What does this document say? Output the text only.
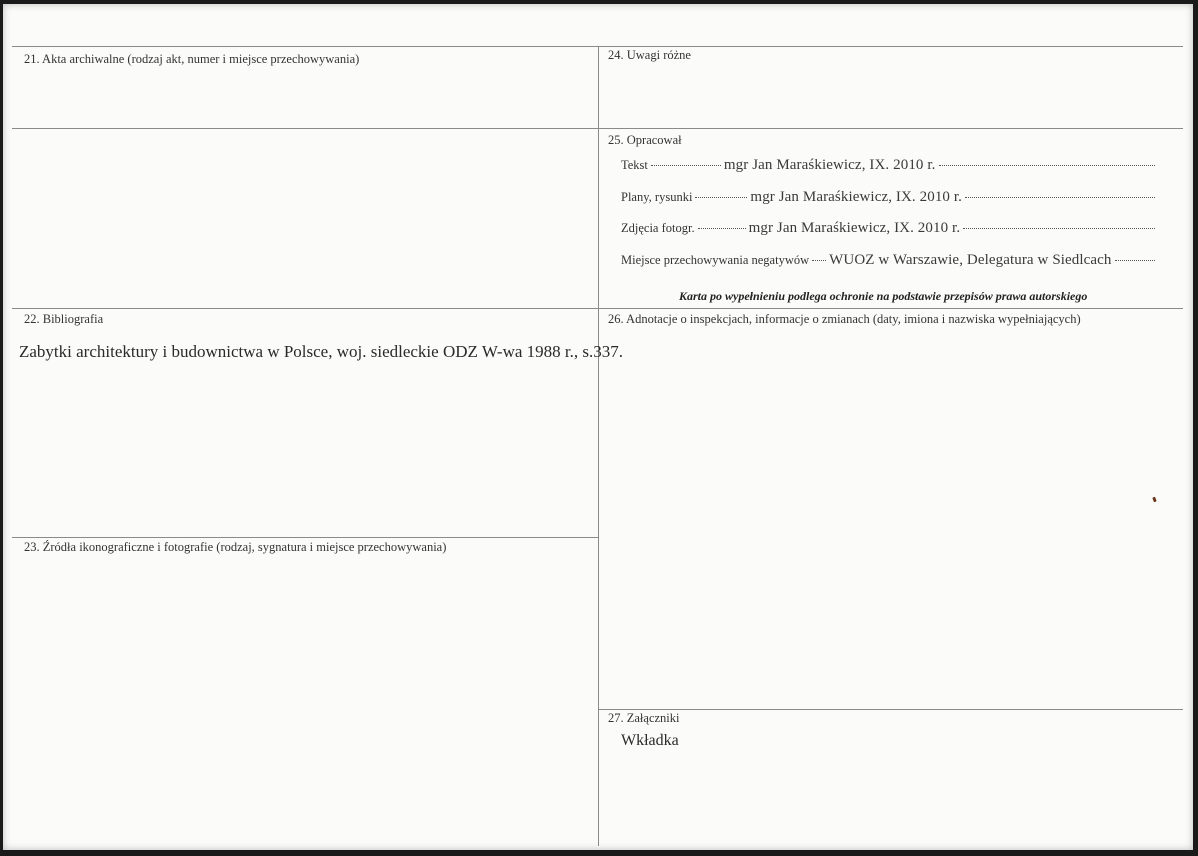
21. Akta archiwalne (rodzaj akt, numer i miejsce przechowywania)	24. Uwagi różne
25. Opracował
Tekst	mgr Jan Maraśkiewicz, IX. 2010 r.
Plany, rysunki	mgr Jan Maraśkiewicz, IX. 2010 r.
Zdjęcia fotogr.	mgr Jan Maraśkiewicz, IX. 2010 r.
Miejsce przechowywania negatywów WUOZ w Warszawie, Delegatura w Siedlcach
Karta po wypełnieniu podlega ochronie na podstawie przepisów prawa autorskiego
22. Bibliografia
Zabytki architektury i budownictwa w Polsce, woj. siedleckie ODZ W-wa 1988 r., s.337.
26. Adnotacje o inspekcjach, informacje o zmianach (daty, imiona i nazwiska wypełniających)
23. Źródła ikonograficzne i fotografie (rodzaj, sygnatura i miejsce przechowywania)
27. Załączniki
Wkładka
